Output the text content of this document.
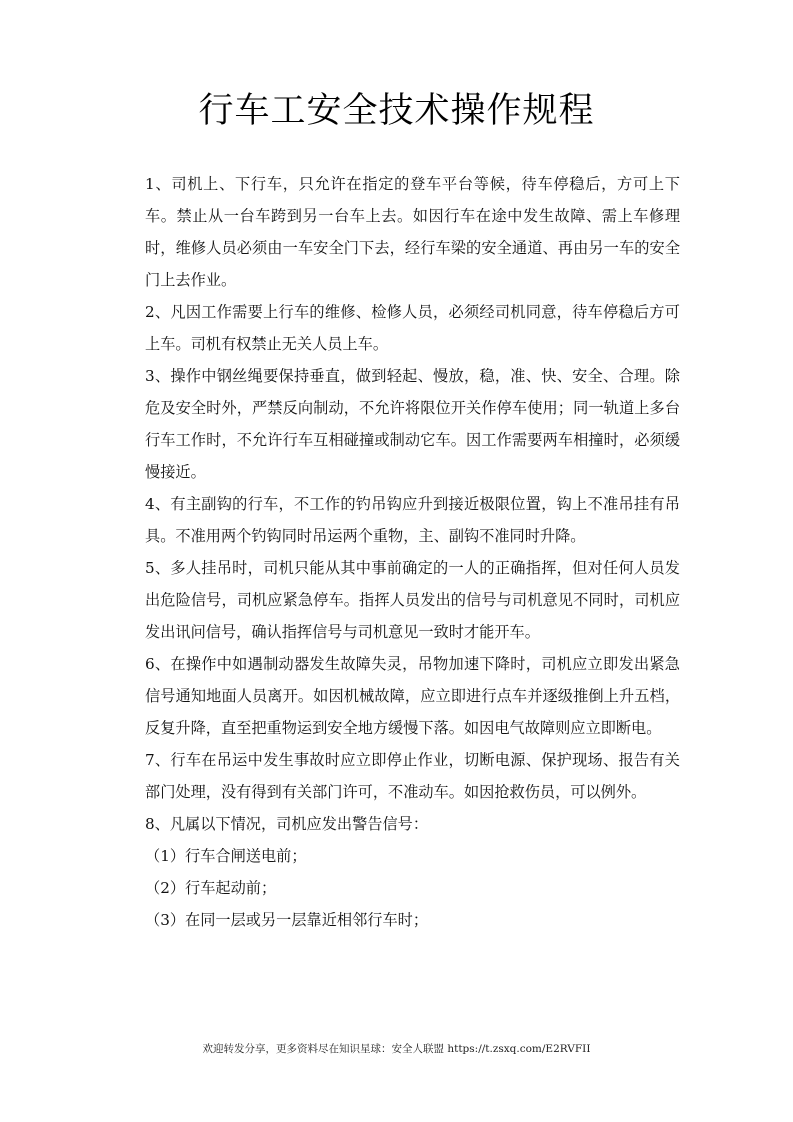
行车工安全技术操作规程

1、司机上、下行车，只允许在指定的登车平台等候，待车停稳后，方可上下车。禁止从一台车跨到另一台车上去。如因行车在途中发生故障、需上车修理时，维修人员必须由一车安全门下去，经行车梁的安全通道、再由另一车的安全门上去作业。

2、凡因工作需要上行车的维修、检修人员，必须经司机同意，待车停稳后方可上车。司机有权禁止无关人员上车。

3、操作中钢丝绳要保持垂直，做到轻起、慢放，稳，准、快、安全、合理。除危及安全时外，严禁反向制动，不允许将限位开关作停车使用；同一轨道上多台行车工作时，不允许行车互相碰撞或制动它车。因工作需要两车相撞时，必须缓慢接近。

4、有主副钩的行车，不工作的钓吊钩应升到接近极限位置，钩上不准吊挂有吊具。不准用两个钓钩同时吊运两个重物，主、副钩不准同时升降。

5、多人挂吊时，司机只能从其中事前确定的一人的正确指挥，但对任何人员发出危险信号，司机应紧急停车。指挥人员发出的信号与司机意见不同时，司机应发出讯问信号，确认指挥信号与司机意见一致时才能开车。

6、在操作中如遇制动器发生故障失灵，吊物加速下降时，司机应立即发出紧急信号通知地面人员离开。如因机械故障，应立即进行点车并逐级推倒上升五档，反复升降，直至把重物运到安全地方缓慢下落。如因电气故障则应立即断电。

7、行车在吊运中发生事故时应立即停止作业，切断电源、保护现场、报告有关部门处理，没有得到有关部门许可，不准动车。如因抢救伤员，可以例外。

8、凡属以下情况，司机应发出警告信号：

（1）行车合闸送电前；

（2）行车起动前；

（3）在同一层或另一层靠近相邻行车时；

欢迎转发分享，更多资料尽在知识星球：安全人联盟 https://t.zsxq.com/E2RVFII
